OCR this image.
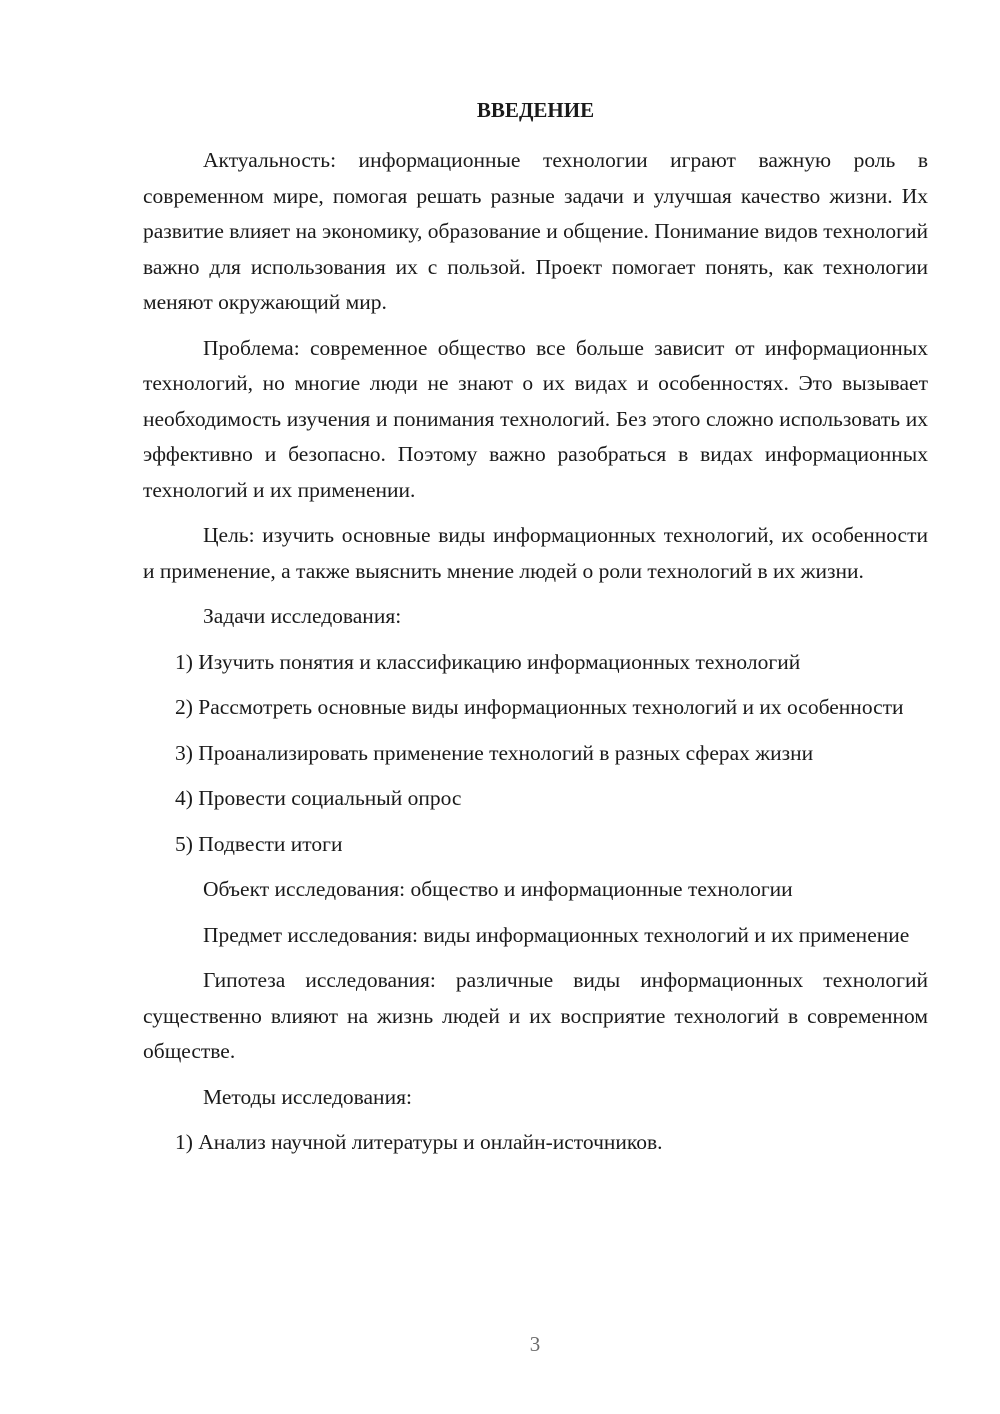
ВВЕДЕНИЕ

Актуальность: информационные технологии играют важную роль в современном мире, помогая решать разные задачи и улучшая качество жизни. Их развитие влияет на экономику, образование и общение. Понимание видов технологий важно для использования их с пользой. Проект помогает понять, как технологии меняют окружающий мир.

Проблема: современное общество все больше зависит от информационных технологий, но многие люди не знают о их видах и особенностях. Это вызывает необходимость изучения и понимания технологий. Без этого сложно использовать их эффективно и безопасно. Поэтому важно разобраться в видах информационных технологий и их применении.

Цель: изучить основные виды информационных технологий, их особенности и применение, а также выяснить мнение людей о роли технологий в их жизни.

Задачи исследования:

1) Изучить понятия и классификацию информационных технологий

2) Рассмотреть основные виды информационных технологий и их особенности

3) Проанализировать применение технологий в разных сферах жизни

4) Провести социальный опрос

5) Подвести итоги

Объект исследования: общество и информационные технологии

Предмет исследования: виды информационных технологий и их применение

Гипотеза исследования: различные виды информационных технологий существенно влияют на жизнь людей и их восприятие технологий в современном обществе.

Методы исследования:

1) Анализ научной литературы и онлайн-источников.

3
